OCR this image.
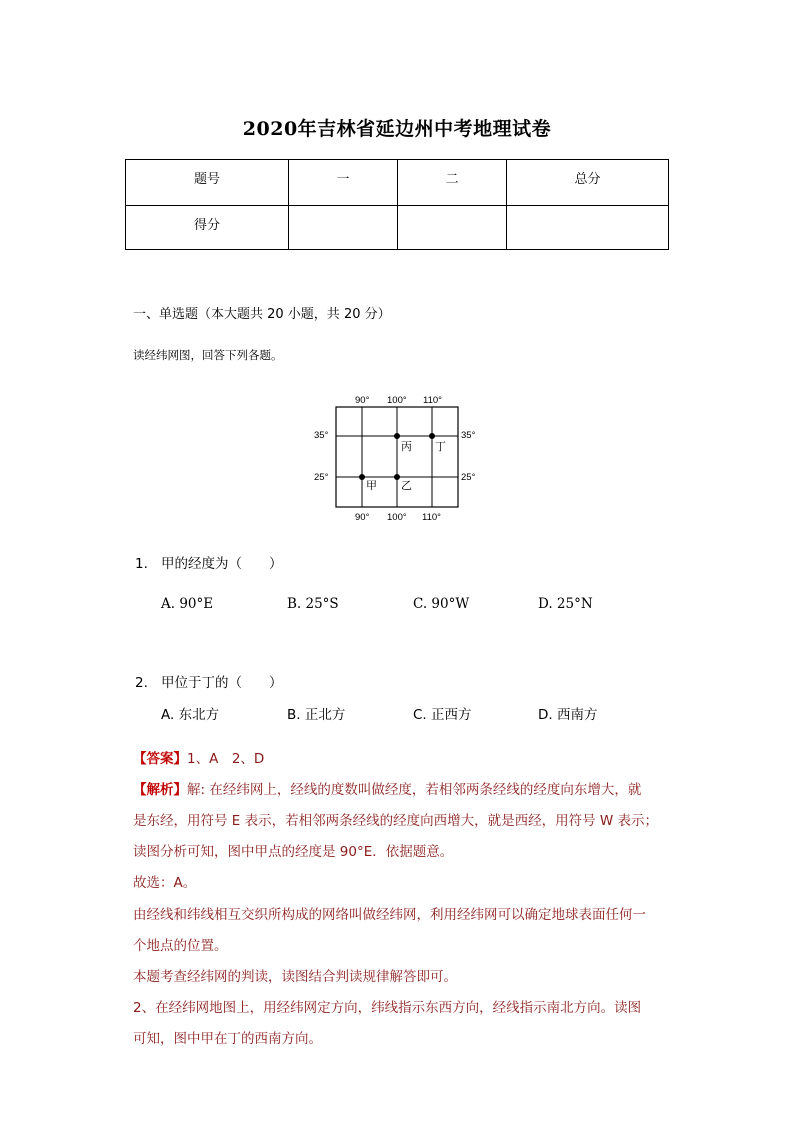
2020年吉林省延边州中考地理试卷
题号	一	二	总分
得分			
一、单选题（本大题共 20 小题，共 20 分）
读经纬网图，回答下列各题。
90° 100° 110°
90° 100° 110°
35°
25°
35°
25°
甲 乙
丙 丁
1. 甲的经度为（　　）
A. 90°E	B. 25°S	C. 90°W	D. 25°N
2. 甲位于丁的（　　）
A. 东北方	B. 正北方	C. 正西方	D. 西南方
【答案】1、A　2、D
【解析】解: 在经纬网上，经线的度数叫做经度，若相邻两条经线的经度向东增大，就
是东经，用符号 E 表示，若相邻两条经线的经度向西增大，就是西经，用符号 W 表示；
读图分析可知，图中甲点的经度是 90°E．依据题意。
故选：A。
由经线和纬线相互交织所构成的网络叫做经纬网，利用经纬网可以确定地球表面任何一
个地点的位置。
本题考查经纬网的判读，读图结合判读规律解答即可。
2、在经纬网地图上，用经纬网定方向，纬线指示东西方向，经线指示南北方向。读图
可知，图中甲在丁的西南方向。
